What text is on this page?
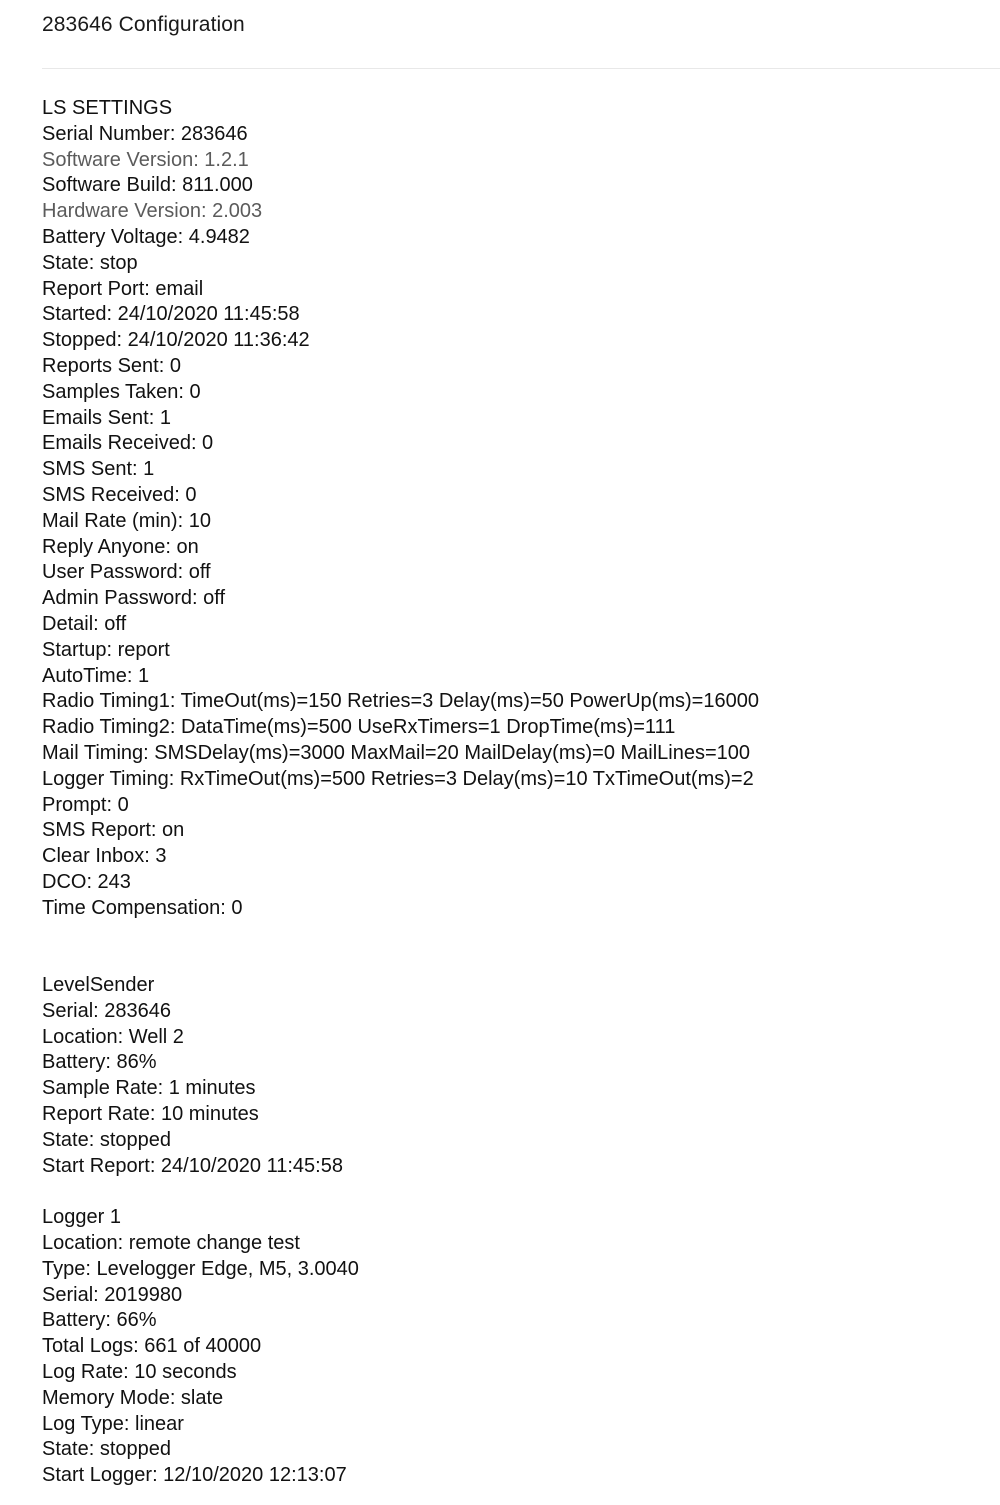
283646 Configuration
LS SETTINGS
Serial Number: 283646
Software Version: 1.2.1
Software Build: 811.000
Hardware Version: 2.003
Battery Voltage: 4.9482
State: stop
Report Port: email
Started: 24/10/2020 11:45:58
Stopped: 24/10/2020 11:36:42
Reports Sent: 0
Samples Taken: 0
Emails Sent: 1
Emails Received: 0
SMS Sent: 1
SMS Received: 0
Mail Rate (min): 10
Reply Anyone: on
User Password: off
Admin Password: off
Detail: off
Startup: report
AutoTime: 1
Radio Timing1: TimeOut(ms)=150 Retries=3 Delay(ms)=50 PowerUp(ms)=16000
Radio Timing2: DataTime(ms)=500 UseRxTimers=1 DropTime(ms)=111
Mail Timing: SMSDelay(ms)=3000 MaxMail=20 MailDelay(ms)=0 MailLines=100
Logger Timing: RxTimeOut(ms)=500 Retries=3 Delay(ms)=10 TxTimeOut(ms)=2
Prompt: 0
SMS Report: on
Clear Inbox: 3
DCO: 243
Time Compensation: 0
LevelSender
Serial: 283646
Location: Well 2
Battery: 86%
Sample Rate: 1 minutes
Report Rate: 10 minutes
State: stopped
Start Report: 24/10/2020 11:45:58
Logger 1
Location: remote change test
Type: Levelogger Edge, M5, 3.0040
Serial: 2019980
Battery: 66%
Total Logs: 661 of 40000
Log Rate: 10 seconds
Memory Mode: slate
Log Type: linear
State: stopped
Start Logger: 12/10/2020 12:13:07
